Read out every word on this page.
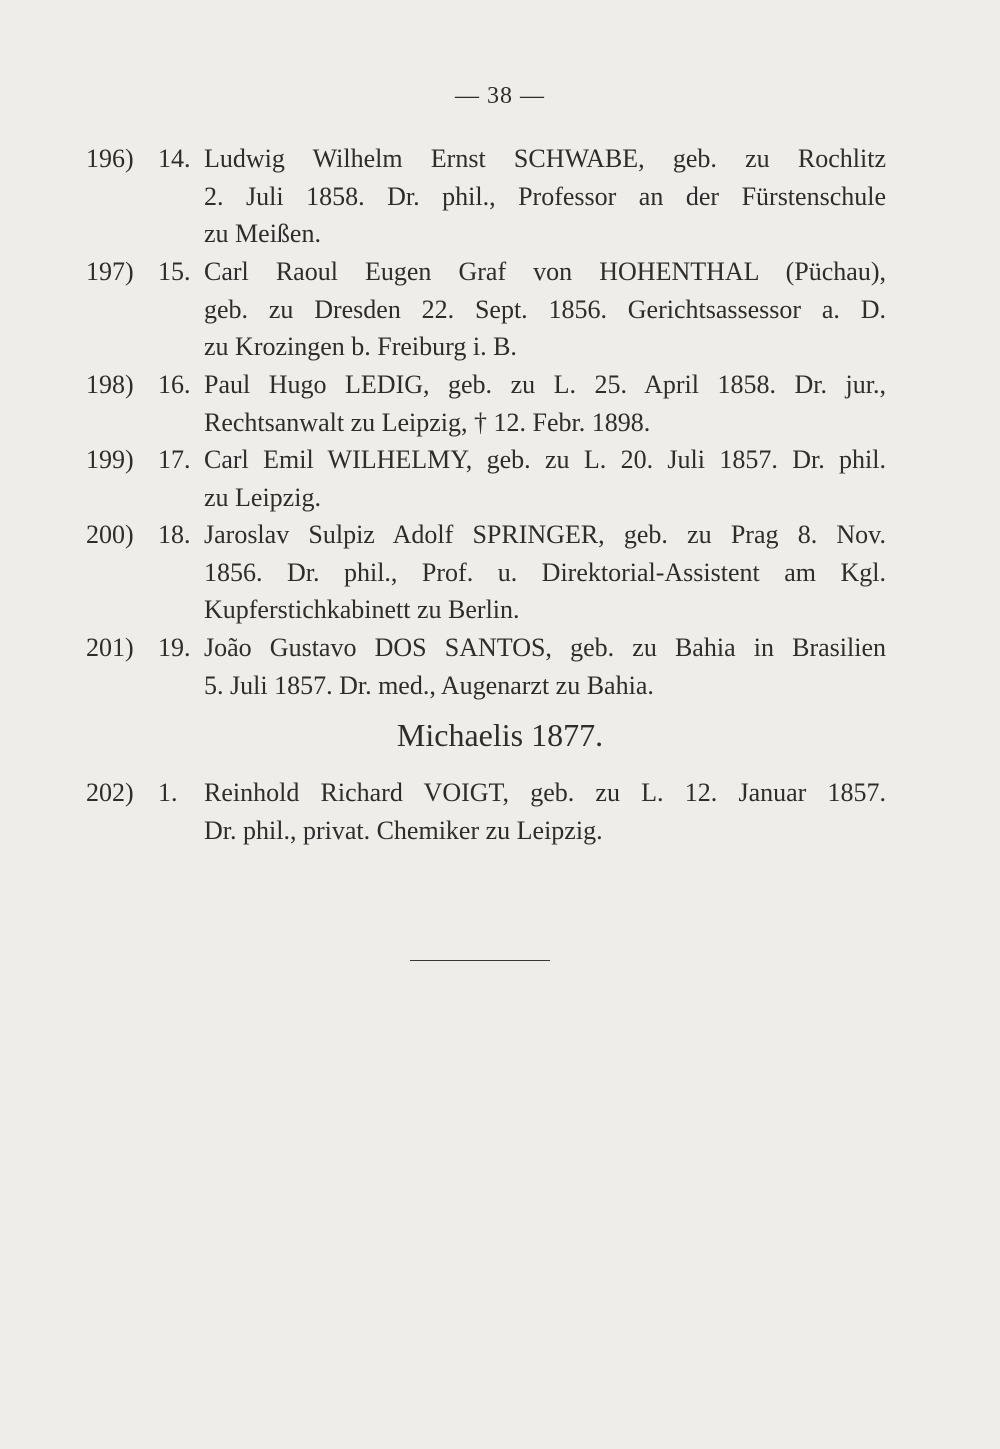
— 38 —
196) 14. Ludwig Wilhelm Ernst SCHWABE, geb. zu Rochlitz
2. Juli 1858. Dr. phil., Professor an der Fürstenschule
zu Meißen.
197) 15. Carl Raoul Eugen Graf von HOHENTHAL (Püchau),
geb. zu Dresden 22. Sept. 1856. Gerichtsassessor a. D.
zu Krozingen b. Freiburg i. B.
198) 16. Paul Hugo LEDIG, geb. zu L. 25. April 1858. Dr. jur.,
Rechtsanwalt zu Leipzig, † 12. Febr. 1898.
199) 17. Carl Emil WILHELMY, geb. zu L. 20. Juli 1857. Dr. phil.
zu Leipzig.
200) 18. Jaroslav Sulpiz Adolf SPRINGER, geb. zu Prag 8. Nov.
1856. Dr. phil., Prof. u. Direktorial-Assistent am Kgl.
Kupferstichkabinett zu Berlin.
201) 19. João Gustavo DOS SANTOS, geb. zu Bahia in Brasilien
5. Juli 1857. Dr. med., Augenarzt zu Bahia.
Michaelis 1877.
202) 1.	Reinhold Richard VOIGT, geb. zu L. 12. Januar 1857.
Dr. phil., privat. Chemiker zu Leipzig.
